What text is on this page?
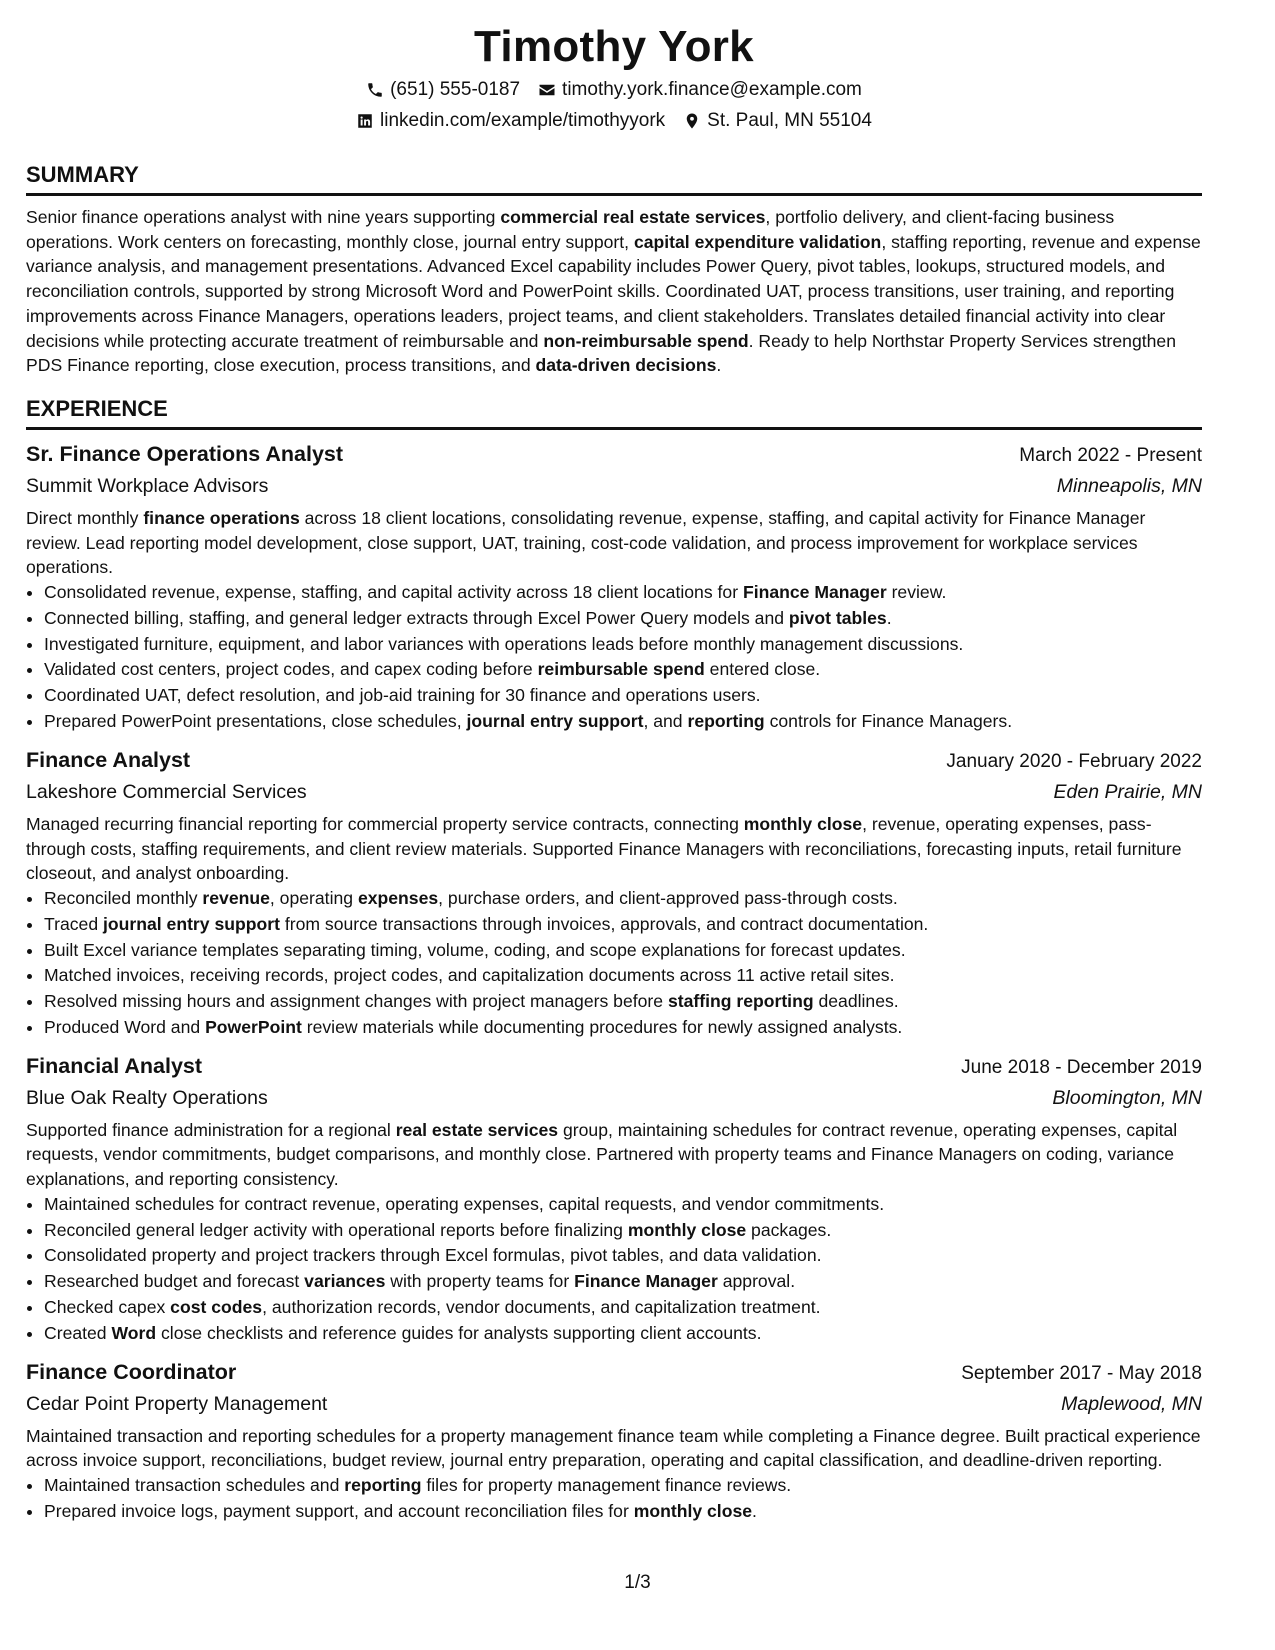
Timothy York
(651) 555-0187 timothy.york.finance@example.com
linkedin.com/example/timothyyork St. Paul, MN 55104
SUMMARY

Senior finance operations analyst with nine years supporting commercial real estate services, portfolio delivery, and client-facing business operations. Work centers on forecasting, monthly close, journal entry support, capital expenditure validation, staffing reporting, revenue and expense variance analysis, and management presentations. Advanced Excel capability includes Power Query, pivot tables, lookups, structured models, and reconciliation controls, supported by strong Microsoft Word and PowerPoint skills. Coordinated UAT, process transitions, user training, and reporting improvements across Finance Managers, operations leaders, project teams, and client stakeholders. Translates detailed financial activity into clear decisions while protecting accurate treatment of reimbursable and non-reimbursable spend. Ready to help Northstar Property Services strengthen PDS Finance reporting, close execution, process transitions, and data-driven decisions.

EXPERIENCE
Sr. Finance Operations Analyst	March 2022 - Present
Summit Workplace Advisors	Minneapolis, MN

Direct monthly finance operations across 18 client locations, consolidating revenue, expense, staffing, and capital activity for Finance Manager review. Lead reporting model development, close support, UAT, training, cost-code validation, and process improvement for workplace services operations.

• Consolidated revenue, expense, staffing, and capital activity across 18 client locations for Finance Manager review.
• Connected billing, staffing, and general ledger extracts through Excel Power Query models and pivot tables.
• Investigated furniture, equipment, and labor variances with operations leads before monthly management discussions.
• Validated cost centers, project codes, and capex coding before reimbursable spend entered close.
• Coordinated UAT, defect resolution, and job-aid training for 30 finance and operations users.
• Prepared PowerPoint presentations, close schedules, journal entry support, and reporting controls for Finance Managers.
Finance Analyst	January 2020 - February 2022
Lakeshore Commercial Services	Eden Prairie, MN

Managed recurring financial reporting for commercial property service contracts, connecting monthly close, revenue, operating expenses, pass-through costs, staffing requirements, and client review materials. Supported Finance Managers with reconciliations, forecasting inputs, retail furniture closeout, and analyst onboarding.

• Reconciled monthly revenue, operating expenses, purchase orders, and client-approved pass-through costs.
• Traced journal entry support from source transactions through invoices, approvals, and contract documentation.
• Built Excel variance templates separating timing, volume, coding, and scope explanations for forecast updates.
• Matched invoices, receiving records, project codes, and capitalization documents across 11 active retail sites.
• Resolved missing hours and assignment changes with project managers before staffing reporting deadlines.
• Produced Word and PowerPoint review materials while documenting procedures for newly assigned analysts.
Financial Analyst	June 2018 - December 2019
Blue Oak Realty Operations	Bloomington, MN

Supported finance administration for a regional real estate services group, maintaining schedules for contract revenue, operating expenses, capital requests, vendor commitments, budget comparisons, and monthly close. Partnered with property teams and Finance Managers on coding, variance explanations, and reporting consistency.

• Maintained schedules for contract revenue, operating expenses, capital requests, and vendor commitments.
• Reconciled general ledger activity with operational reports before finalizing monthly close packages.
• Consolidated property and project trackers through Excel formulas, pivot tables, and data validation.
• Researched budget and forecast variances with property teams for Finance Manager approval.
• Checked capex cost codes, authorization records, vendor documents, and capitalization treatment.
• Created Word close checklists and reference guides for analysts supporting client accounts.
Finance Coordinator	September 2017 - May 2018
Cedar Point Property Management	Maplewood, MN

Maintained transaction and reporting schedules for a property management finance team while completing a Finance degree. Built practical experience across invoice support, reconciliations, budget review, journal entry preparation, operating and capital classification, and deadline-driven reporting.

• Maintained transaction schedules and reporting files for property management finance reviews.
• Prepared invoice logs, payment support, and account reconciliation files for monthly close.
1/3
